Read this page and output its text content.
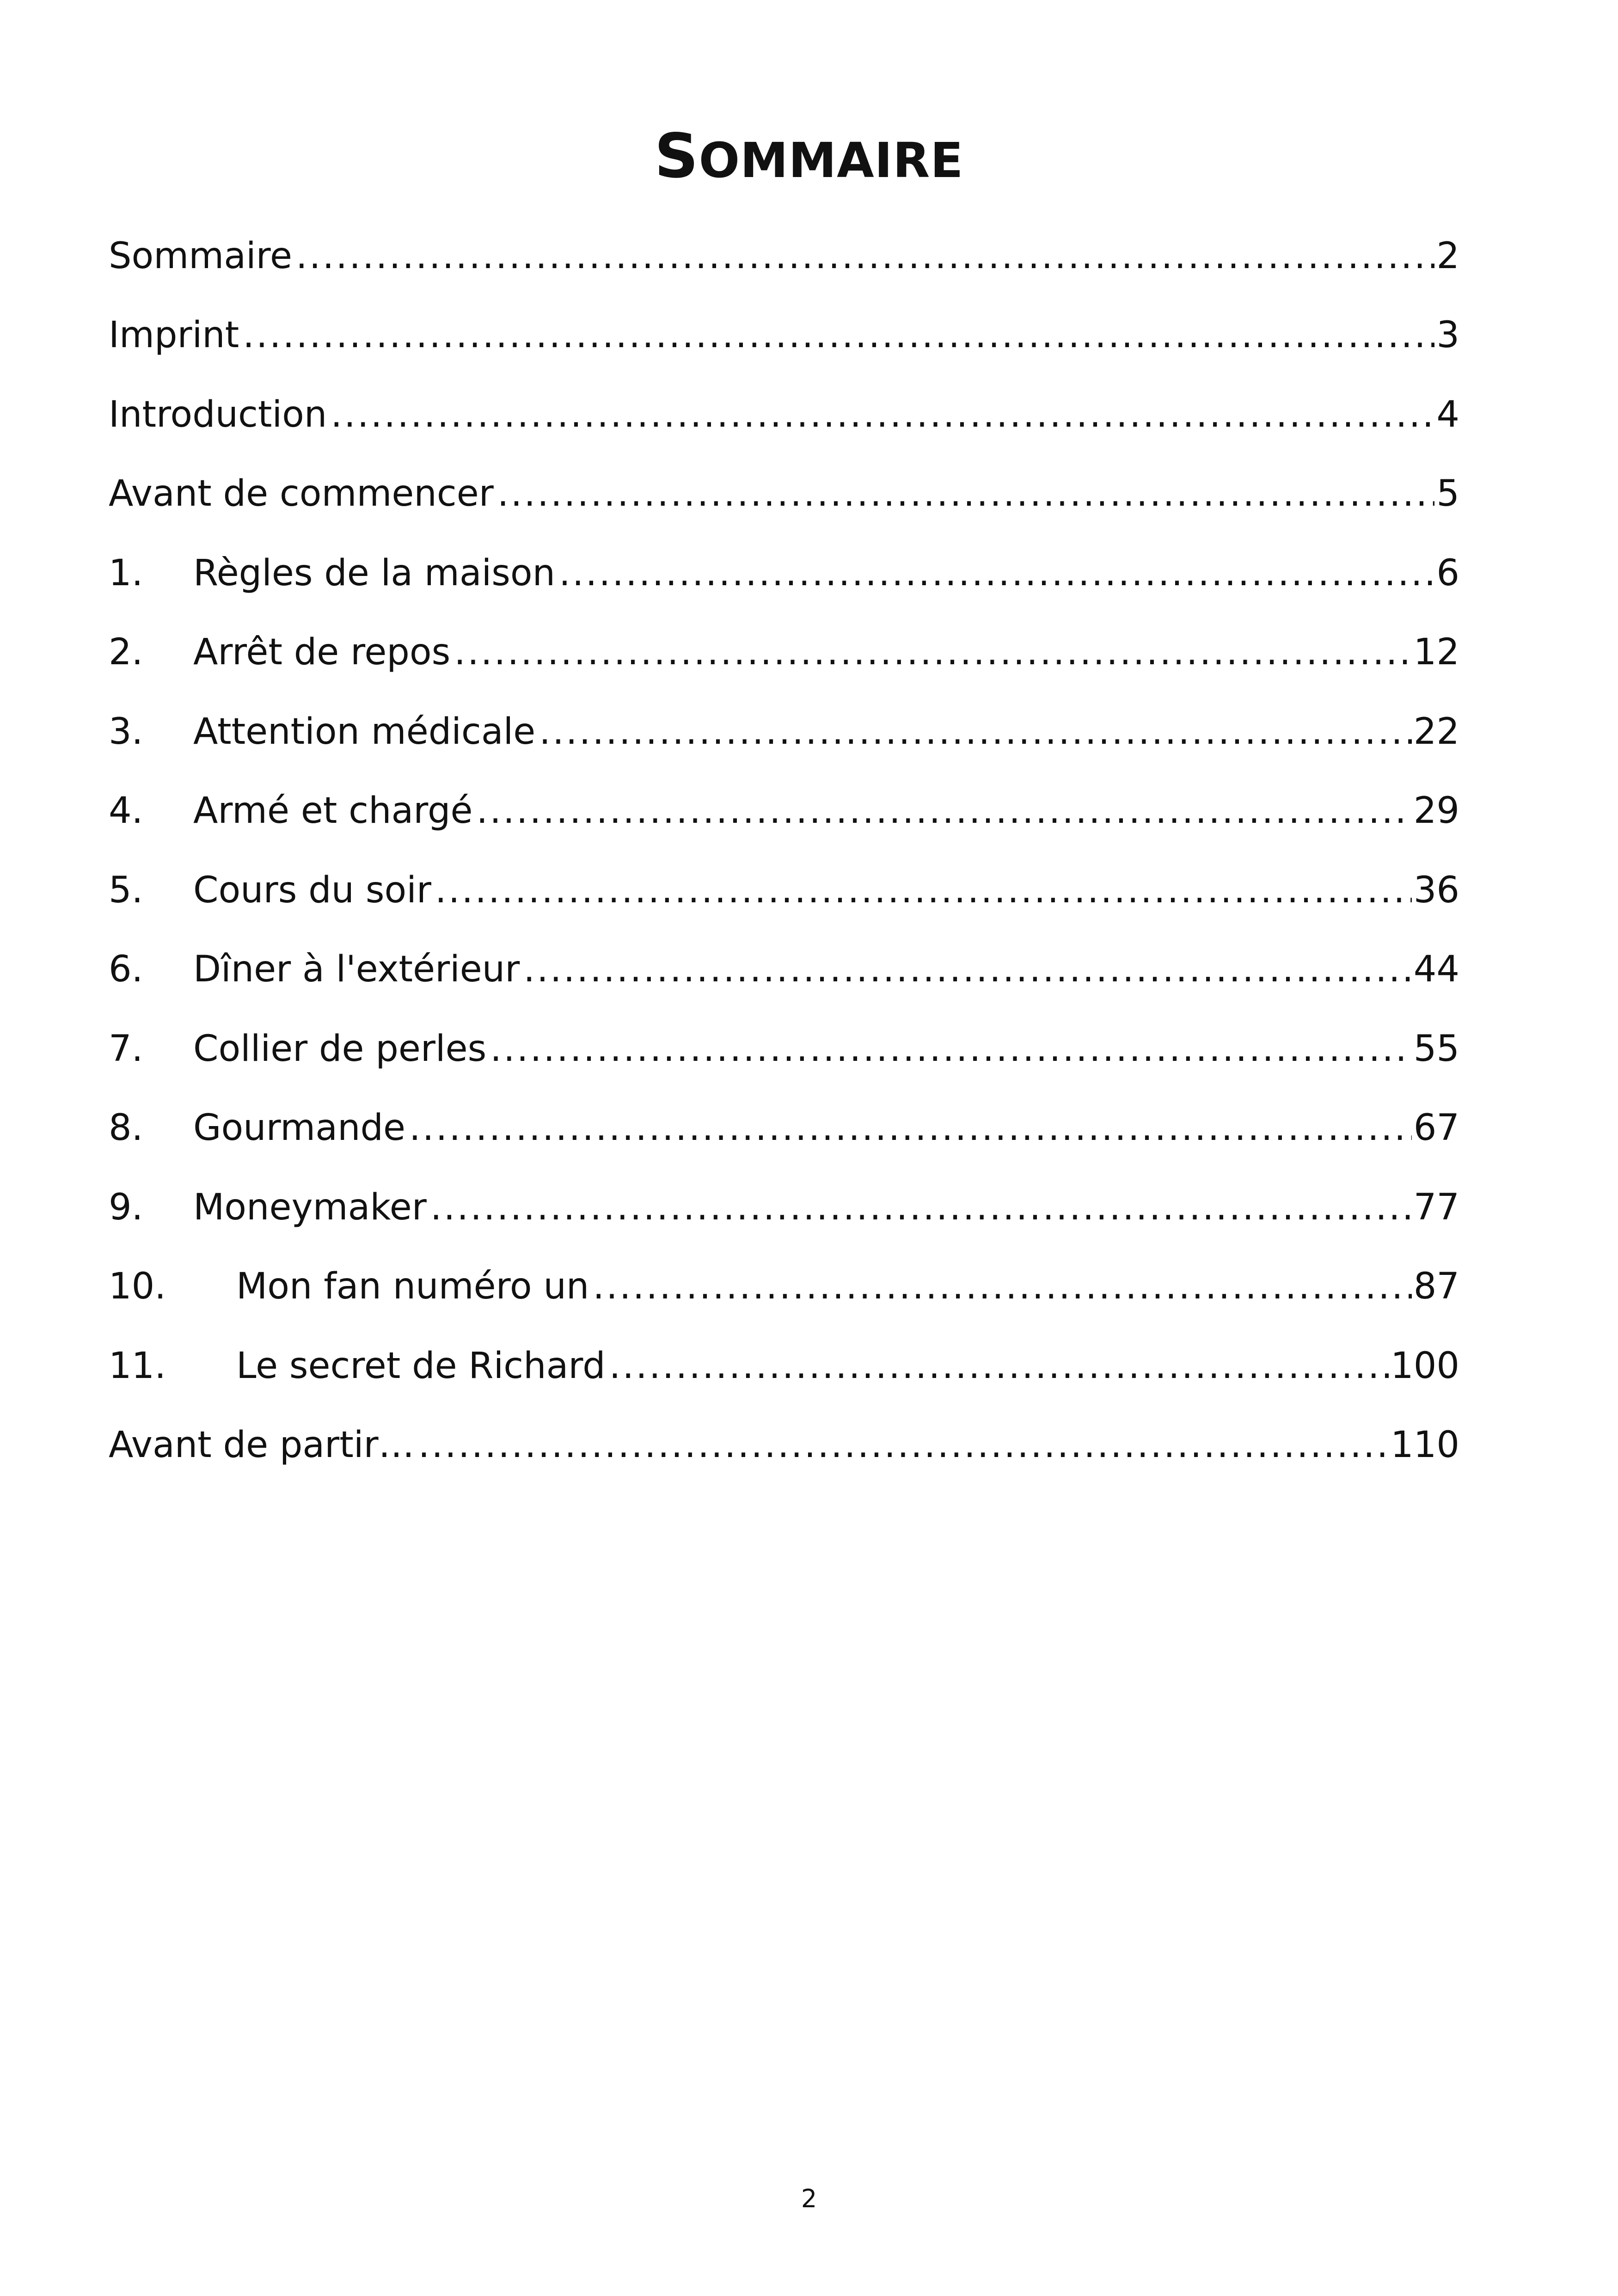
SOMMAIRE
Sommaire .....	2
Imprint .....	3
Introduction .....	4
Avant de commencer .....	5
1.	Règles de la maison .....	6
2.	Arrêt de repos .....	12
3.	Attention médicale .....	22
4.	Armé et chargé .....	29
5.	Cours du soir .....	36
6.	Dîner à l'extérieur .....	44
7.	Collier de perles .....	55
8.	Gourmande .....	67
9.	Moneymaker .....	77
10.	Mon fan numéro un .....	87
11.	Le secret de Richard .....	100
Avant de partir… .....	110
2
